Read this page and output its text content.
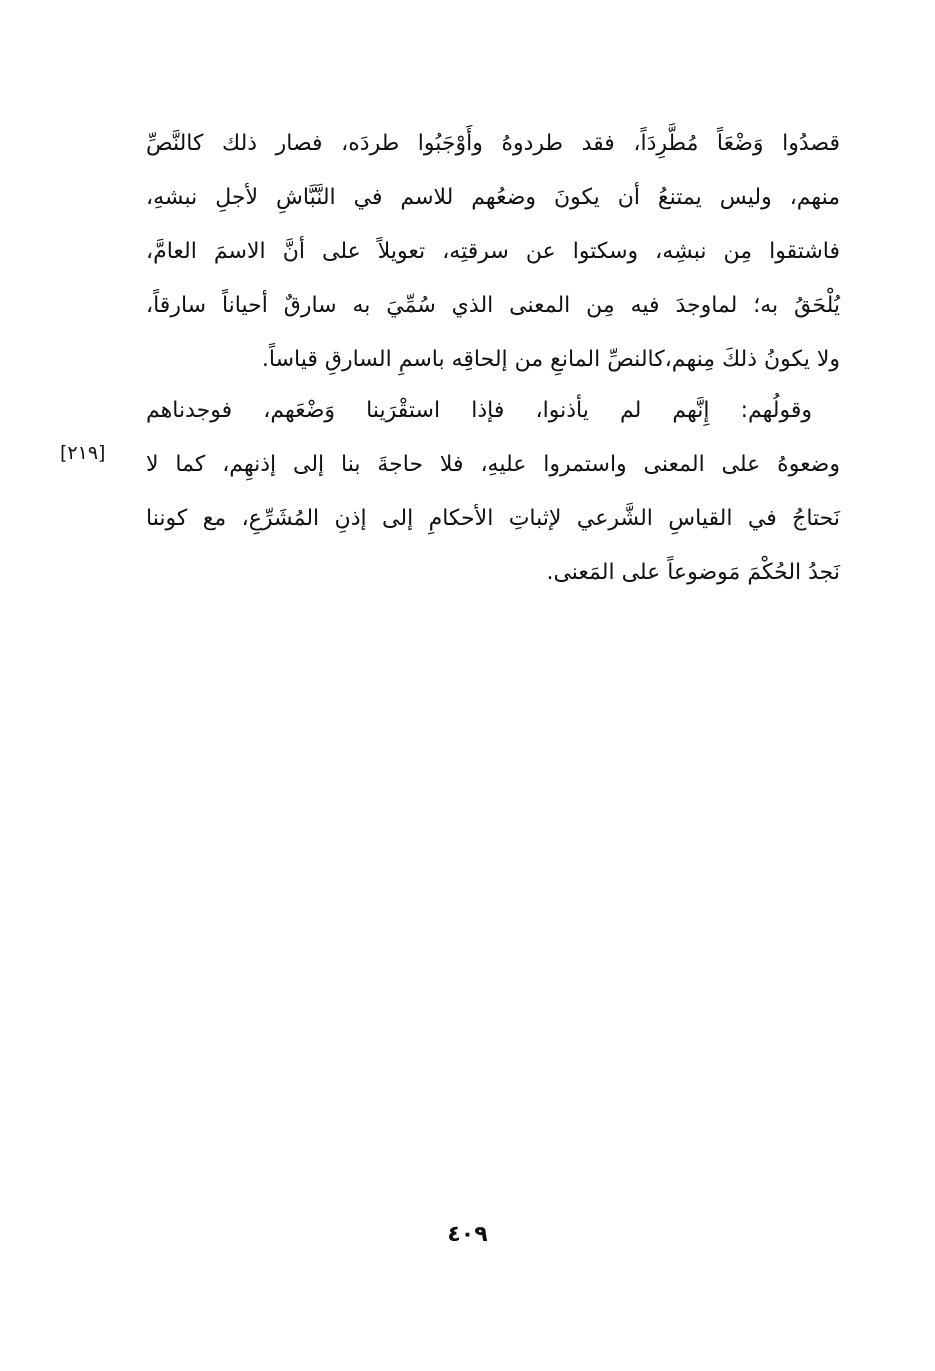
قصدُوا وَضْعَاً مُطَّرِدَاً، فقد طردوهُ وأَوْجَبُوا طردَه، فصار ذلك كالنَّصِّ
منهم، وليس يمتنعُ أن يكونَ وضعُهم للاسم في النَّبَّاشِ لأجلِ نبشهِ،
فاشتقوا مِن نبشِه، وسكتوا عن سرقتِه، تعويلاً على أنَّ الاسمَ العامَّ،
يُلْحَقُ به؛ لماوجدَ فيه مِن المعنى الذي سُمِّيَ به سارقٌ أحياناً سارقاً،
ولا يكونُ ذلكَ مِنهم،كالنصِّ المانعِ من إلحاقِه باسمِ السارقِ قياساً.
وقولُهم: إِنَّهم لم يأذنوا، فإذا استقْرَينا وَضْعَهم، فوجدناهم
وضعوهُ على المعنى واستمروا عليهِ، فلا حاجةَ بنا إلى إذنهِم، كما لا
نَحتاجُ في القياسِ الشَّرعي لإثباتِ الأحكامِ إلى إذنِ المُشَرِّعِ، مع كوننا
نَجدُ الحُكْمَ مَوضوعاً على المَعنى.
[٢١٩]
٤٠٩
